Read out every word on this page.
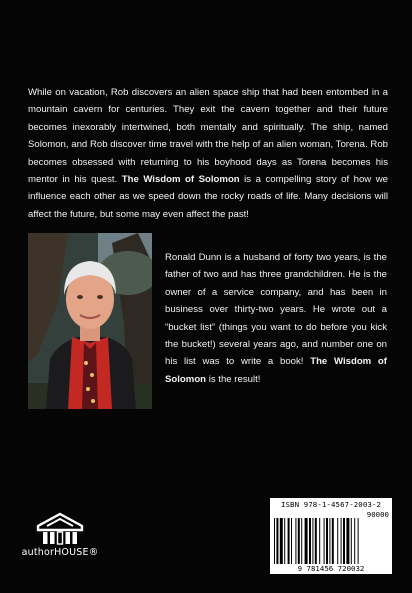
While on vacation, Rob discovers an alien space ship that had been entombed in a mountain cavern for centuries. They exit the cavern together and their future becomes inexorably intertwined, both mentally and spiritually. The ship, named Solomon, and Rob discover time travel with the help of an alien woman, Torena. Rob becomes obsessed with returning to his boyhood days as Torena becomes his mentor in his quest. The Wisdom of Solomon is a compelling story of how we influence each other as we speed down the rocky roads of life. Many decisions will affect the future, but some may even affect the past!

Ronald Dunn is a husband of forty two years, is the father of two and has three grandchildren. He is the owner of a service company, and has been in business over thirty-two years. He wrote out a “bucket list” (things you want to do before you kick the bucket!) several years ago, and number one on his list was to write a book! The Wisdom of Solomon is the result!

authorHOUSE®
ISBN 978-1-4567-2003-2
90000
9 781456 720032
